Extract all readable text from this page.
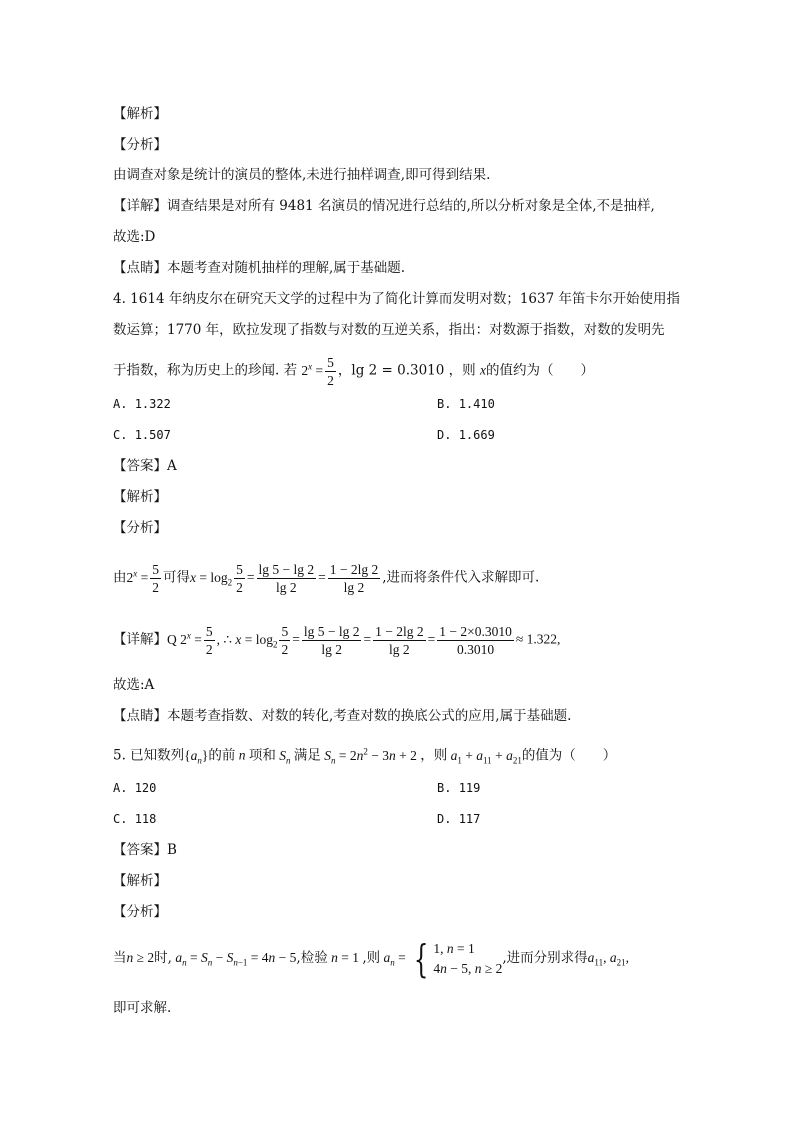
【解析】
【分析】
由调查对象是统计的演员的整体,未进行抽样调查,即可得到结果.
【详解】调查结果是对所有 9481 名演员的情况进行总结的,所以分析对象是全体,不是抽样,
故选:D
【点睛】本题考查对随机抽样的理解,属于基础题.
4. 1614 年纳皮尔在研究天文学的过程中为了简化计算而发明对数；1637 年笛卡尔开始使用指
数运算；1770 年，欧拉发现了指数与对数的互逆关系，指出：对数源于指数，对数的发明先
于指数，称为历史上的珍闻. 若 $2^x = \frac{5}{2}$ ，lg 2 = 0.3010 ，则 x的值约为（　　）
A. 1.322	B. 1.410
C. 1.507	D. 1.669
【答案】A
【解析】
【分析】
由$2^x = \frac{5}{2}$ 可得$x = \log_2 \frac{5}{2} = \frac{\lg 5 - \lg 2}{\lg 2} = \frac{1 - 2\lg 2}{\lg 2}$ ,进而将条件代入求解即可.
【详解】Q $2^x = \frac{5}{2}$ , ∴ $x = \log_2 \frac{5}{2} = \frac{\lg 5 - \lg 2}{\lg 2} = \frac{1 - 2\lg 2}{\lg 2} = \frac{1 - 2\times 0.3010}{0.3010} \approx 1.322$,
故选:A
【点睛】本题考查指数、对数的转化,考查对数的换底公式的应用,属于基础题.
5. 已知数列$\{a_n\}$的前 n 项和 $S_n$ 满足 $S_n = 2n^2 - 3n + 2$ ，则 $a_1 + a_{11} + a_{21}$的值为（　　）
A. 120	B. 119
C. 118	D. 117
【答案】B
【解析】
【分析】
当n ≥ 2时, $a_n = S_n - S_{n-1} = 4n - 5$,检验 n = 1 ,则 $a_n$ = { 1, n = 1
4n − 5, n ≥ 2
,进而分别求得$a_{11}$, $a_{21}$,
即可求解.
